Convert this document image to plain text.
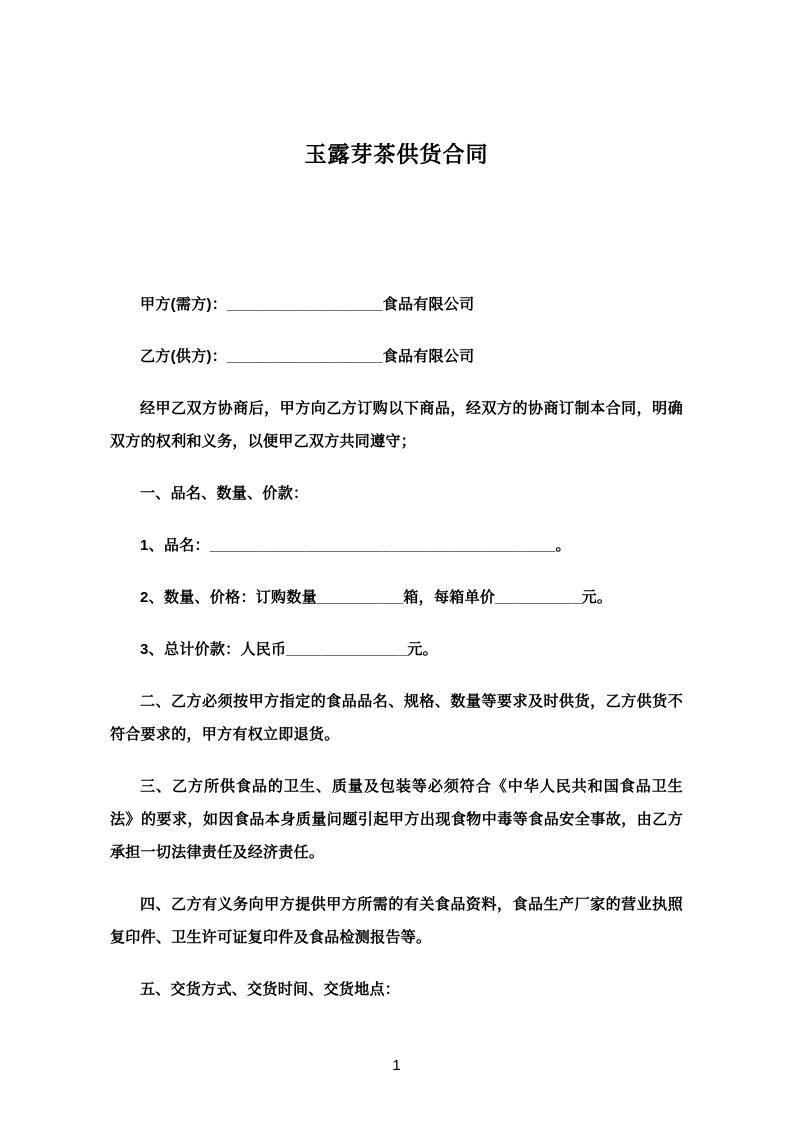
玉露芽茶供货合同

甲方(需方)：__________________食品有限公司

乙方(供方)：__________________食品有限公司

经甲乙双方协商后，甲方向乙方订购以下商品，经双方的协商订制本合同，明确双方的权利和义务，以便甲乙双方共同遵守；

一、品名、数量、价款：

1、品名：________________________________________。

2、数量、价格：订购数量__________箱，每箱单价__________元。

3、总计价款：人民币______________元。

二、乙方必须按甲方指定的食品品名、规格、数量等要求及时供货，乙方供货不符合要求的，甲方有权立即退货。

三、乙方所供食品的卫生、质量及包装等必须符合《中华人民共和国食品卫生法》的要求，如因食品本身质量问题引起甲方出现食物中毒等食品安全事故，由乙方承担一切法律责任及经济责任。

四、乙方有义务向甲方提供甲方所需的有关食品资料，食品生产厂家的营业执照复印件、卫生许可证复印件及食品检测报告等。

五、交货方式、交货时间、交货地点：

1
